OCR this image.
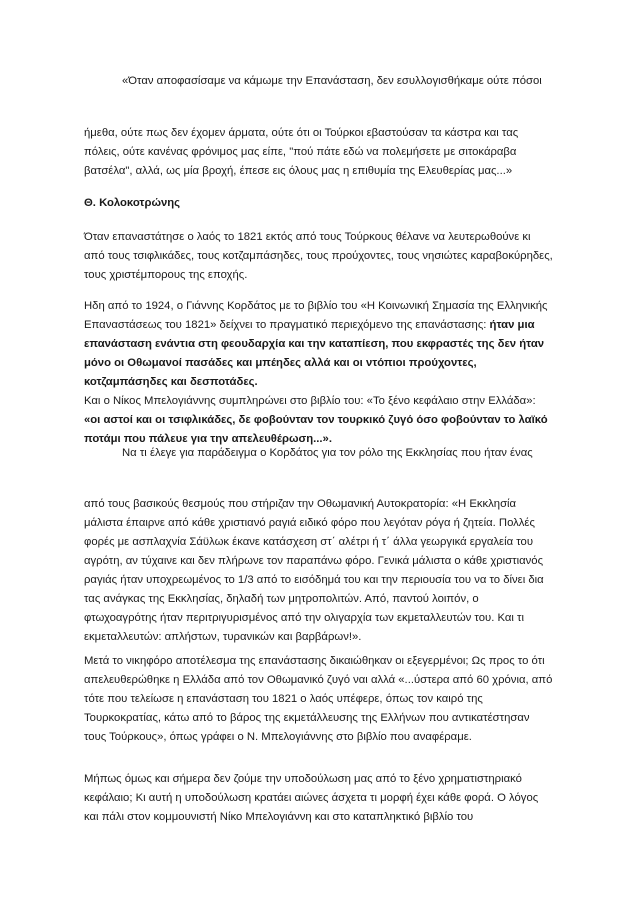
«Όταν αποφασίσαμε να κάμωμε την Επανάσταση, δεν εσυλλογισθήκαμε ούτε πόσοι

ήμεθα, ούτε πως δεν έχομεν άρματα, ούτε ότι οι Τούρκοι εβαστούσαν τα κάστρα και τας πόλεις, ούτε κανένας φρόνιμος μας είπε, "πού πάτε εδώ να πολεμήσετε με σιτοκάραβα βατσέλα", αλλά, ως μία βροχή, έπεσε εις όλους μας η επιθυμία της Ελευθερίας μας...»

Θ. Κολοκοτρώνης

Όταν επαναστάτησε ο λαός το 1821 εκτός από τους Τούρκους θέλανε να λευτερωθούνε κι από τους τσιφλικάδες, τους κοτζαμπάσηδες, τους προύχοντες, τους νησιώτες καραβοκύρηδες, τους χριστέμπορους της εποχής.

Ηδη από το 1924, ο Γιάννης Κορδάτος με το βιβλίο του «Η Κοινωνική Σημασία της Ελληνικής Επαναστάσεως του 1821» δείχνει το πραγματικό περιεχόμενο της επανάστασης: ήταν μια επανάσταση ενάντια στη φεουδαρχία και την καταπίεση, που εκφραστές της δεν ήταν μόνο οι Οθωμανοί πασάδες και μπέηδες αλλά και οι ντόπιοι προύχοντες, κοτζαμπάσηδες και δεσποτάδες.
Και ο Νίκος Μπελογιάννης συμπληρώνει στο βιβλίο του: «Το ξένο κεφάλαιο στην Ελλάδα»: «οι αστοί και οι τσιφλικάδες, δε φοβούνταν τον τουρκικό ζυγό όσο φοβούνταν το λαϊκό ποτάμι που πάλευε για την απελευθέρωση...».

Να τι έλεγε για παράδειγμα ο Κορδάτος για τον ρόλο της Εκκλησίας που ήταν ένας

από τους βασικούς θεσμούς που στήριζαν την Οθωμανική Αυτοκρατορία: «Η Εκκλησία μάλιστα έπαιρνε από κάθε χριστιανό ραγιά ειδικό φόρο που λεγόταν ρόγα ή ζητεία. Πολλές φορές με ασπλαχνία Σάϋλωκ έκανε κατάσχεση στ΄ αλέτρι ή τ΄ άλλα γεωργικά εργαλεία του αγρότη, αν τύχαινε και δεν πλήρωνε τον παραπάνω φόρο. Γενικά μάλιστα ο κάθε χριστιανός ραγιάς ήταν υποχρεωμένος το 1/3 από το εισόδημά του και την περιουσία του να το δίνει δια τας ανάγκας της Εκκλησίας, δηλαδή των μητροπολιτών. Από, παντού λοιπόν, ο φτωχοαγρότης ήταν περιτριγυρισμένος από την ολιγαρχία των εκμεταλλευτών του. Και τι εκμεταλλευτών: απλήστων, τυρανικών και βαρβάρων!».

Μετά το νικηφόρο αποτέλεσμα της επανάστασης δικαιώθηκαν οι εξεγερμένοι; Ως προς το ότι απελευθερώθηκε η Ελλάδα από τον Οθωμανικό ζυγό ναι αλλά «...ύστερα από 60 χρόνια, από τότε που τελείωσε η επανάσταση του 1821 ο λαός υπέφερε, όπως τον καιρό της Τουρκοκρατίας, κάτω από το βάρος της εκμετάλλευσης της Ελλήνων που αντικατέστησαν τους Τούρκους», όπως γράφει ο Ν. Μπελογιάννης στο βιβλίο που αναφέραμε.

Μήπως όμως και σήμερα δεν ζούμε την υποδούλωση μας από το ξένο χρηματιστηριακό κεφάλαιο; Κι αυτή η υποδούλωση κρατάει αιώνες άσχετα τι μορφή έχει κάθε φορά. Ο λόγος και πάλι στον κομμουνιστή Νίκο Μπελογιάννη και στο καταπληκτικό βιβλίο του
